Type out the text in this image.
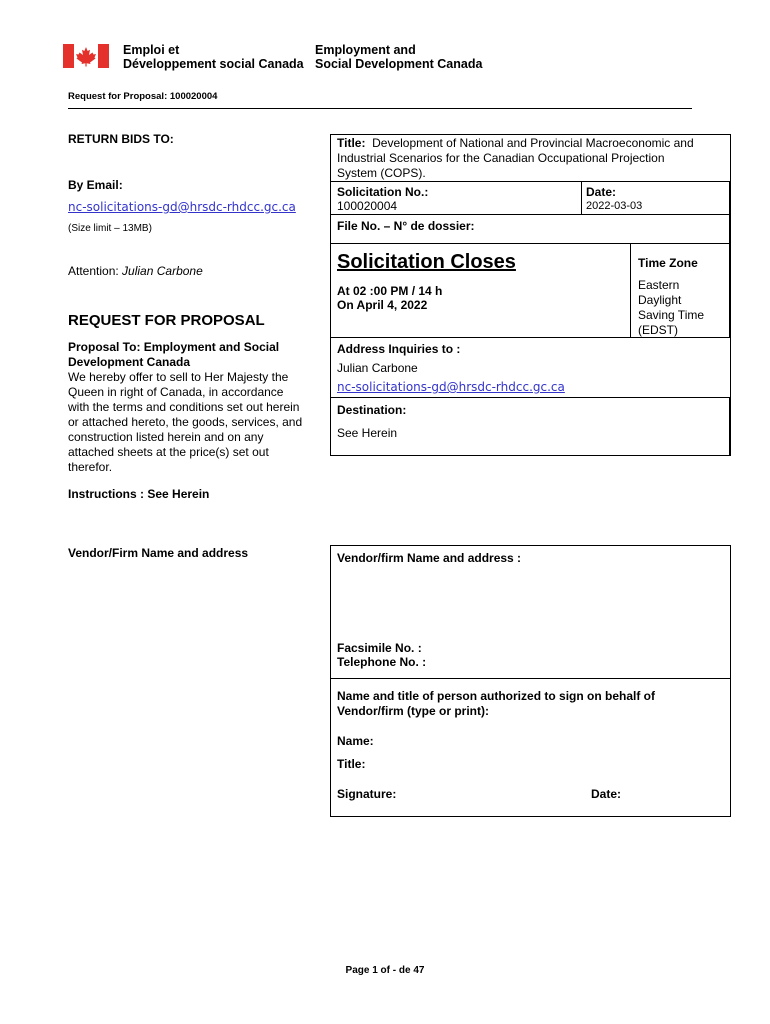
Emploi et
Développement social Canada
Employment and
Social Development Canada
Request for Proposal: 100020004
RETURN BIDS TO:
By Email:
nc-solicitations-gd@hrsdc-rhdcc.gc.ca
(Size limit – 13MB)
Attention: Julian Carbone
REQUEST FOR PROPOSAL
Proposal To: Employment and Social
Development Canada
We hereby offer to sell to Her Majesty the
Queen in right of Canada, in accordance
with the terms and conditions set out herein
or attached hereto, the goods, services, and
construction listed herein and on any
attached sheets at the price(s) set out
therefor.
Instructions : See Herein
Vendor/Firm Name and address
Title: Development of National and Provincial Macroeconomic and
Industrial Scenarios for the Canadian Occupational Projection
System (COPS).
Solicitation No.:
100020004
Date:
2022-03-03
File No. – N° de dossier:
Solicitation Closes
At 02 :00 PM / 14 h
On April 4, 2022
Time Zone
Eastern
Daylight
Saving Time
(EDST)
Address Inquiries to :
Julian Carbone
nc-solicitations-gd@hrsdc-rhdcc.gc.ca
Destination:
See Herein
Vendor/firm Name and address :
Facsimile No. :
Telephone No. :
Name and title of person authorized to sign on behalf of
Vendor/firm (type or print):
Name:
Title:
Signature:	Date:
Page 1 of - de 47
